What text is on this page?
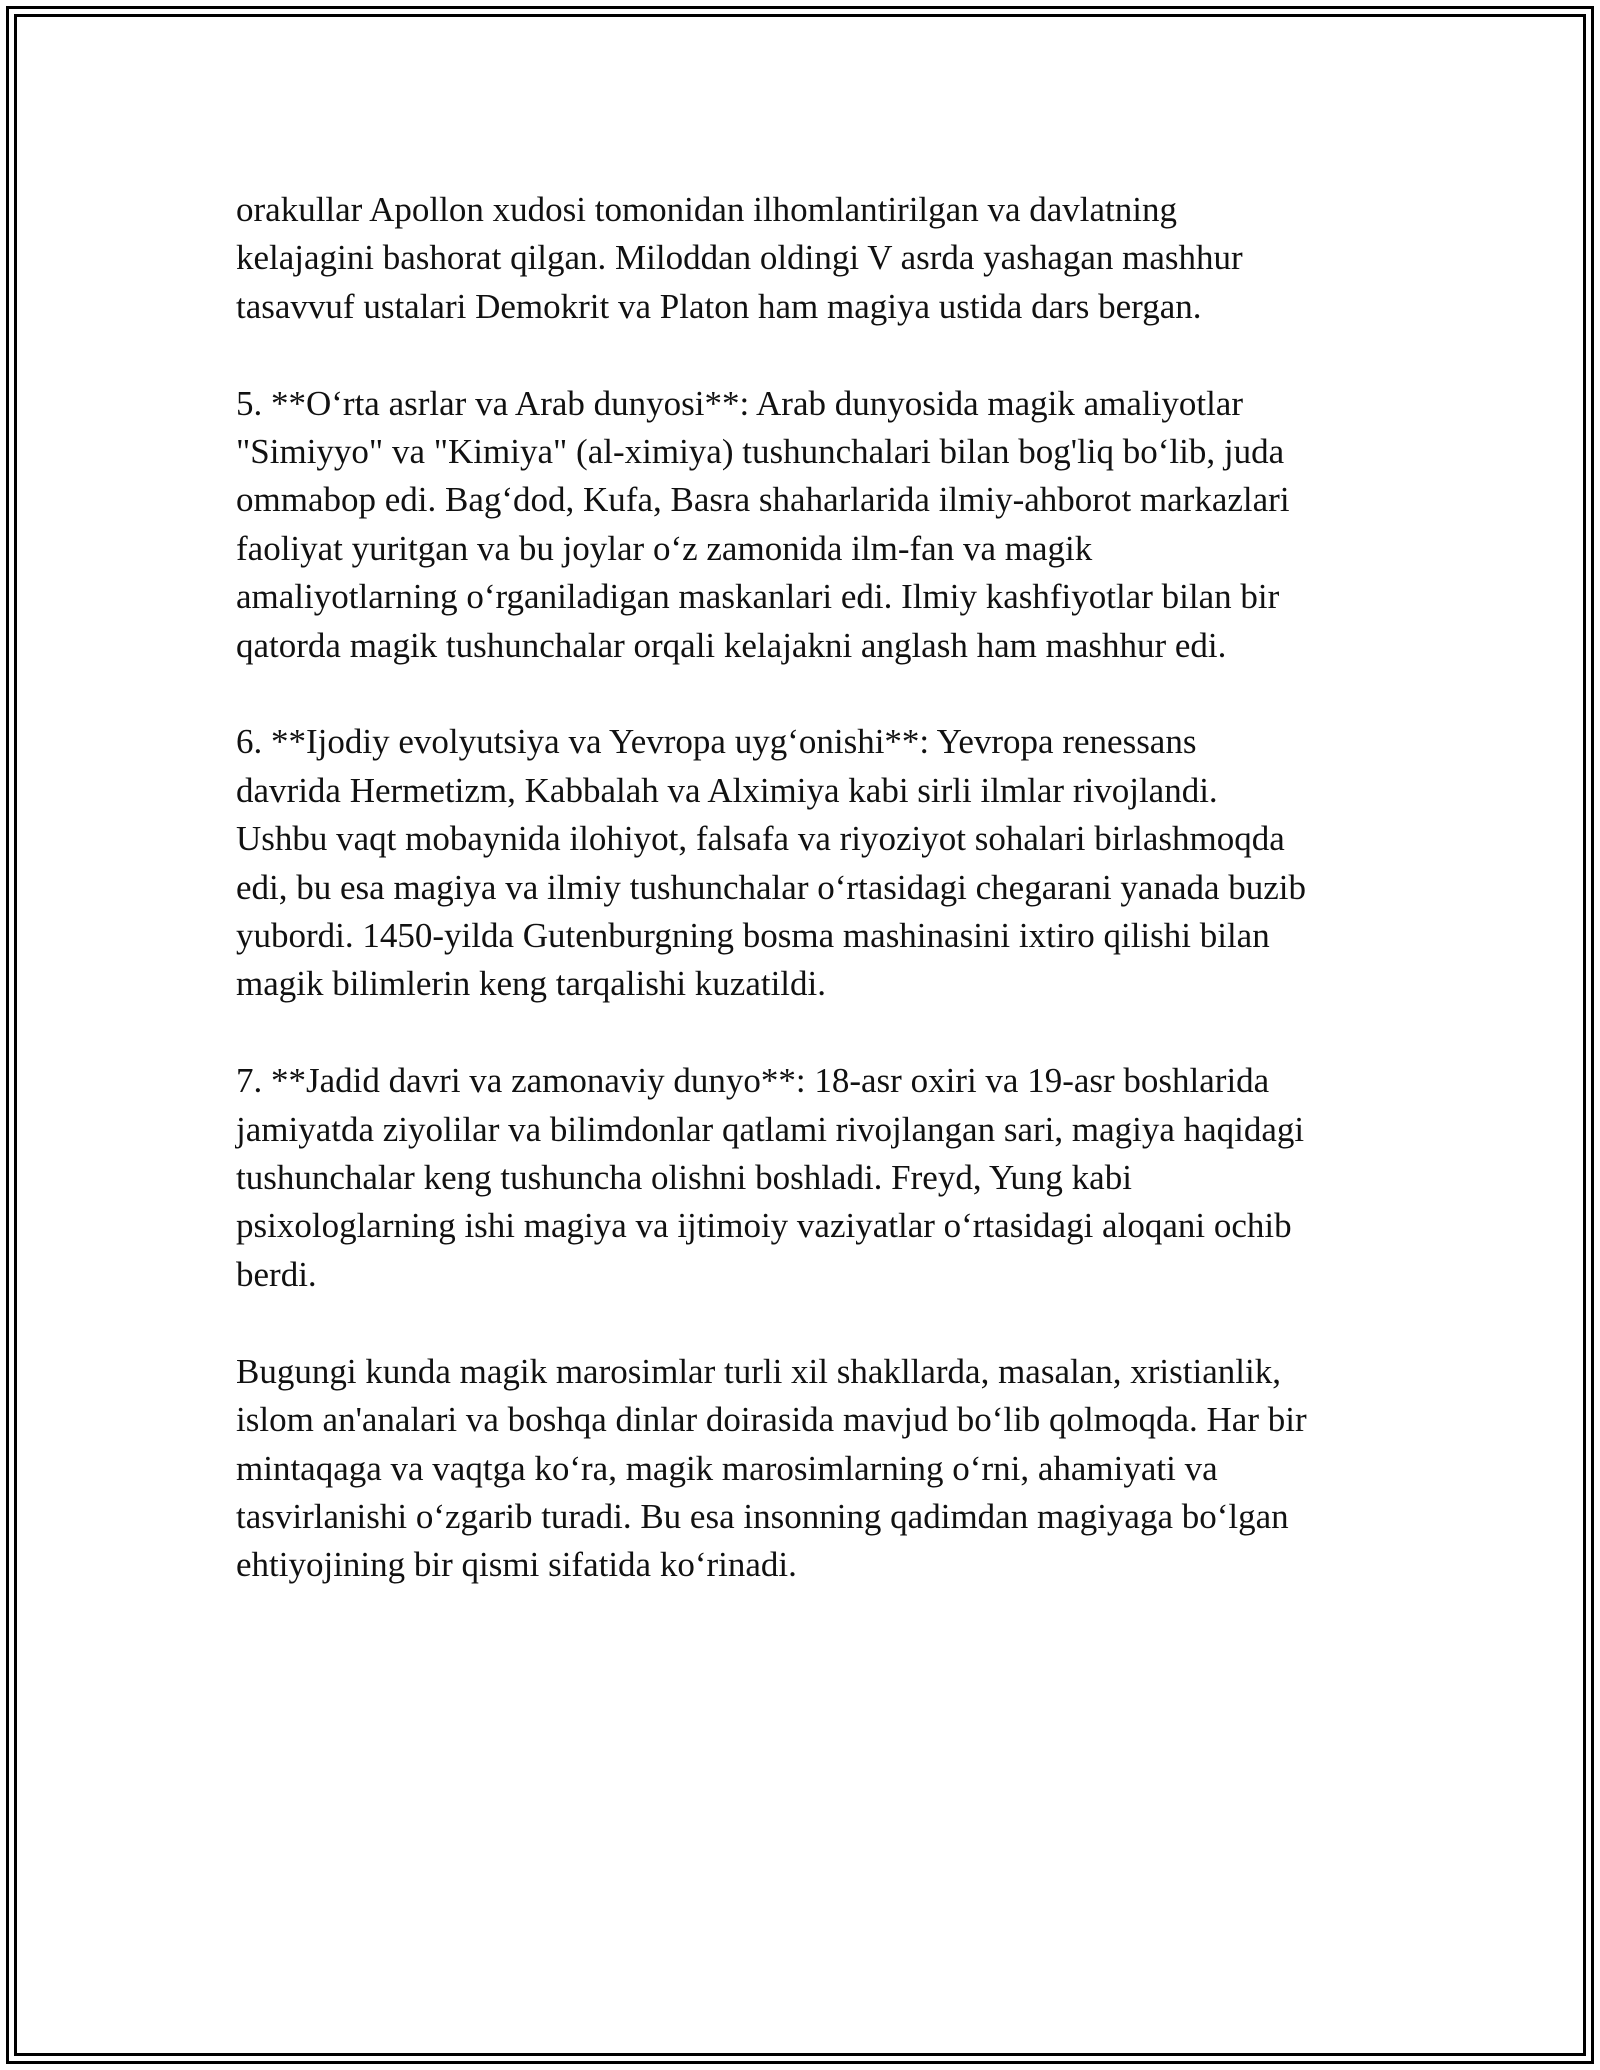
orakullar Apollon xudosi tomonidan ilhomlantirilgan va davlatning
kelajagini bashorat qilgan. Miloddan oldingi V asrda yashagan mashhur
tasavvuf ustalari Demokrit va Platon ham magiya ustida dars bergan.

5. **O‘rta asrlar va Arab dunyosi**: Arab dunyosida magik amaliyotlar
"Simiyyo" va "Kimiya" (al-ximiya) tushunchalari bilan bog'liq bo‘lib, juda
ommabop edi. Bag‘dod, Kufa, Basra shaharlarida ilmiy-ahborot markazlari
faoliyat yuritgan va bu joylar o‘z zamonida ilm-fan va magik
amaliyotlarning o‘rganiladigan maskanlari edi. Ilmiy kashfiyotlar bilan bir
qatorda magik tushunchalar orqali kelajakni anglash ham mashhur edi.

6. **Ijodiy evolyutsiya va Yevropa uyg‘onishi**: Yevropa renessans
davrida Hermetizm, Kabbalah va Alximiya kabi sirli ilmlar rivojlandi.
Ushbu vaqt mobaynida ilohiyot, falsafa va riyoziyot sohalari birlashmoqda
edi, bu esa magiya va ilmiy tushunchalar o‘rtasidagi chegarani yanada buzib
yubordi. 1450-yilda Gutenburgning bosma mashinasini ixtiro qilishi bilan
magik bilimlerin keng tarqalishi kuzatildi.

7. **Jadid davri va zamonaviy dunyo**: 18-asr oxiri va 19-asr boshlarida
jamiyatda ziyolilar va bilimdonlar qatlami rivojlangan sari, magiya haqidagi
tushunchalar keng tushuncha olishni boshladi. Freyd, Yung kabi
psixologlarning ishi magiya va ijtimoiy vaziyatlar o‘rtasidagi aloqani ochib
berdi.

Bugungi kunda magik marosimlar turli xil shakllarda, masalan, xristianlik,
islom an'analari va boshqa dinlar doirasida mavjud bo‘lib qolmoqda. Har bir
mintaqaga va vaqtga ko‘ra, magik marosimlarning o‘rni, ahamiyati va
tasvirlanishi o‘zgarib turadi. Bu esa insonning qadimdan magiyaga bo‘lgan
ehtiyojining bir qismi sifatida ko‘rinadi.
